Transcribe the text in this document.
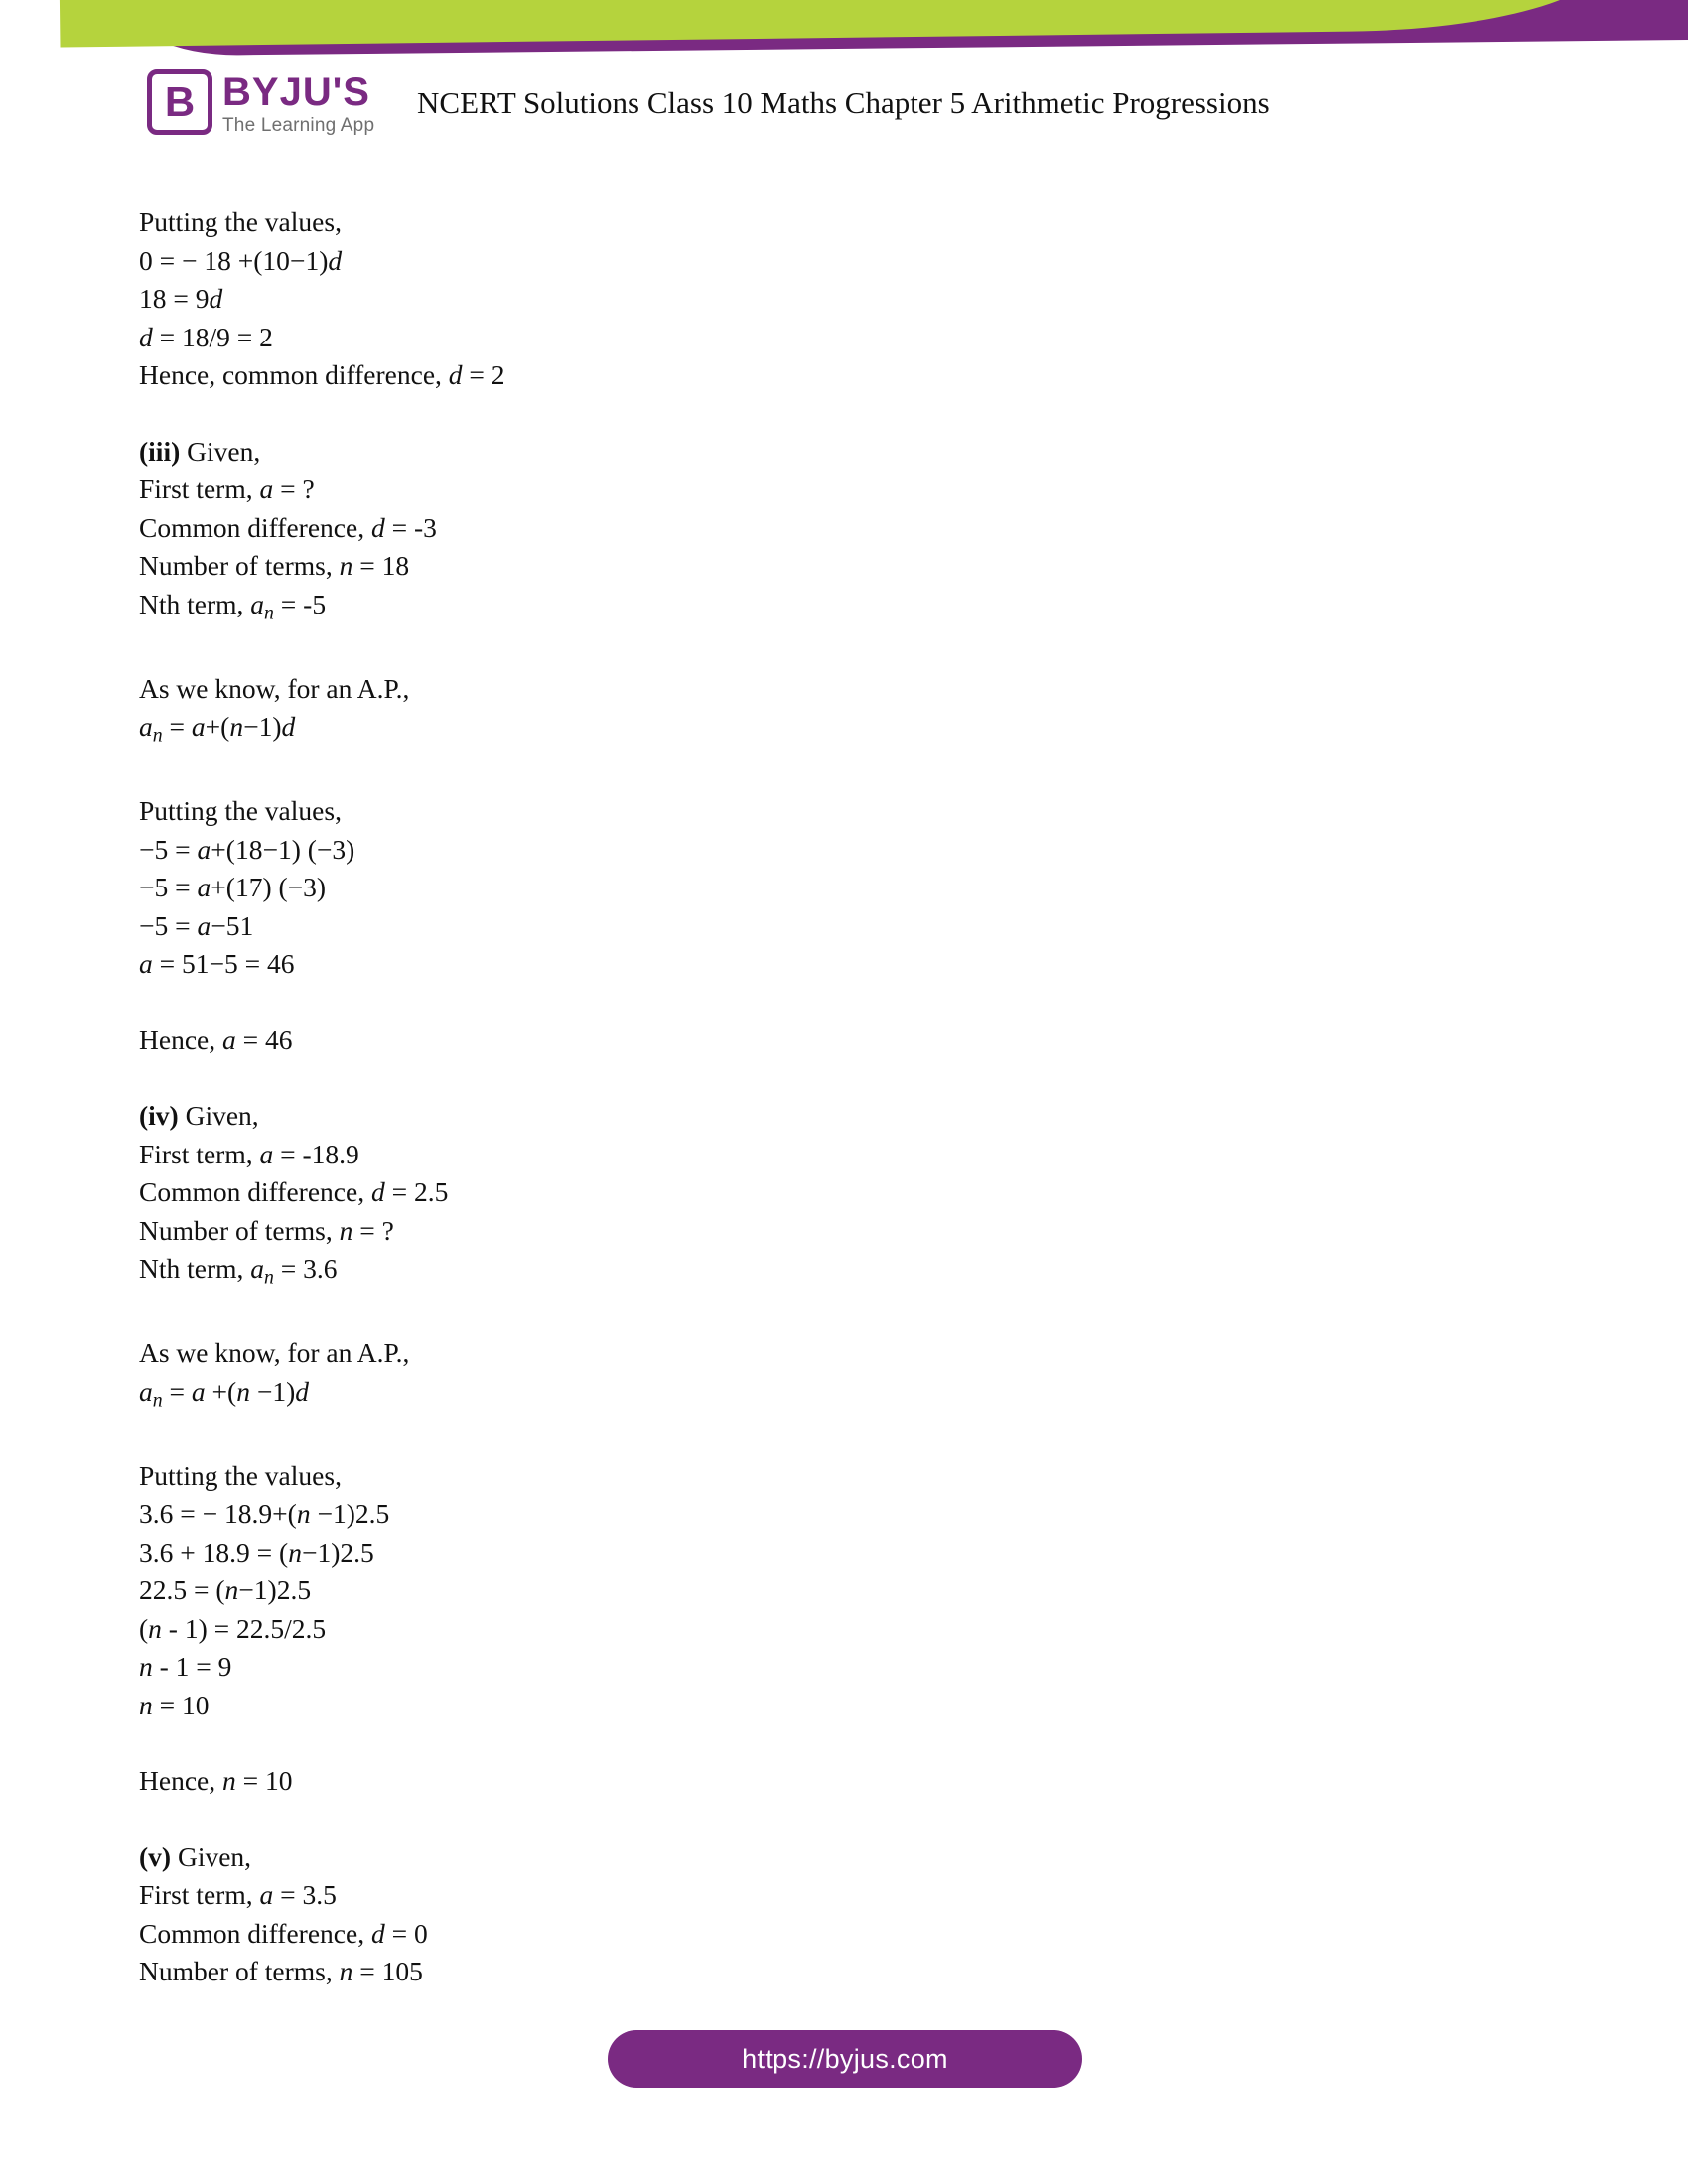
B BYJU'S
The Learning App
NCERT Solutions Class 10 Maths Chapter 5 Arithmetic Progressions
Putting the values,
0 = − 18 +(10−1)d
18 = 9d
d = 18/9 = 2
Hence, common difference, d = 2
(iii) Given,
First term, a = ?
Common difference, d = -3
Number of terms, n = 18
Nth term, $a_n = -5$
As we know, for an A.P.,
$a_n = a+(n-1)d$
Putting the values,
−5 = a+(18−1) (−3)
−5 = a+(17) (−3)
−5 = a−51
a = 51−5 = 46
Hence, a = 46
(iv) Given,
First term, a = -18.9
Common difference, d = 2.5
Number of terms, n = ?
Nth term, $a_n = 3.6$
As we know, for an A.P.,
$a_n = a +(n -1)d$
Putting the values,
3.6 = − 18.9+(n −1)2.5
3.6 + 18.9 = (n−1)2.5
22.5 = (n−1)2.5
(n - 1) = 22.5/2.5
n - 1 = 9
n = 10
Hence, n = 10
(v) Given,
First term, a = 3.5
Common difference, d = 0
Number of terms, n = 105
https://byjus.com
